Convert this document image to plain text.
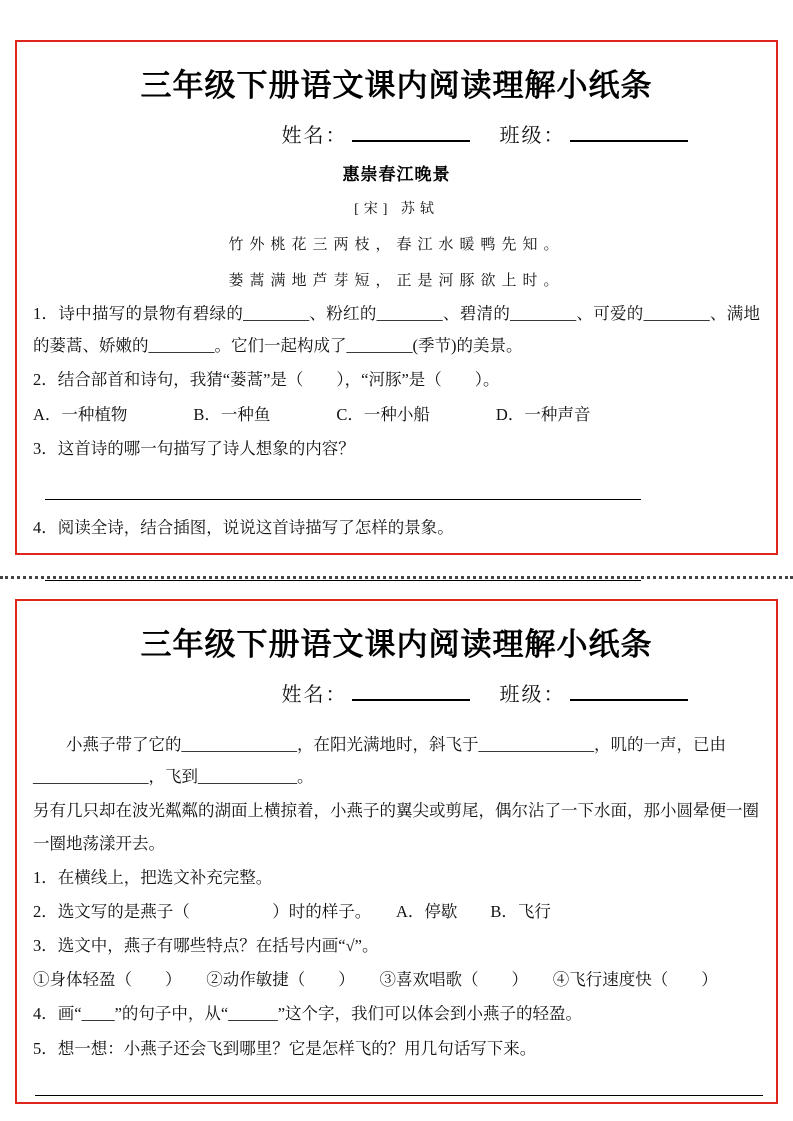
三年级下册语文课内阅读理解小纸条
姓名：	班级：
惠崇春江晚景
[宋] 苏轼
竹外桃花三两枝，春江水暖鸭先知。
蒌蒿满地芦芽短，正是河豚欲上时。

1．诗中描写的景物有碧绿的________、粉红的________、碧清的________、可爱的________、满地的蒌蒿、娇嫩的________。它们一起构成了________(季节)的美景。

2．结合部首和诗句，我猜“蒌蒿”是（　　），“河豚”是（　　）。

A．一种植物　　　　B．一种鱼　　　　C．一种小船　　　　D．一种声音

3．这首诗的哪一句描写了诗人想象的内容？

4．阅读全诗，结合插图，说说这首诗描写了怎样的景象。

三年级下册语文课内阅读理解小纸条
姓名：	班级：

小燕子带了它的______________，在阳光满地时，斜飞于______________，叽的一声，已由______________，飞到____________。

另有几只却在波光粼粼的湖面上横掠着，小燕子的翼尖或剪尾，偶尔沾了一下水面，那小圆晕便一圈一圈地荡漾开去。

1．在横线上，把选文补充完整。

2．选文写的是燕子（　　　　　）时的样子。　　A．停歇　　B．飞行

3．选文中，燕子有哪些特点？在括号内画“√”。

①身体轻盈（　　）　　②动作敏捷（　　）　　③喜欢唱歌（　　）　　④飞行速度快（　　）

4．画“____”的句子中，从“______”这个字，我们可以体会到小燕子的轻盈。

5．想一想：小燕子还会飞到哪里？它是怎样飞的？用几句话写下来。
